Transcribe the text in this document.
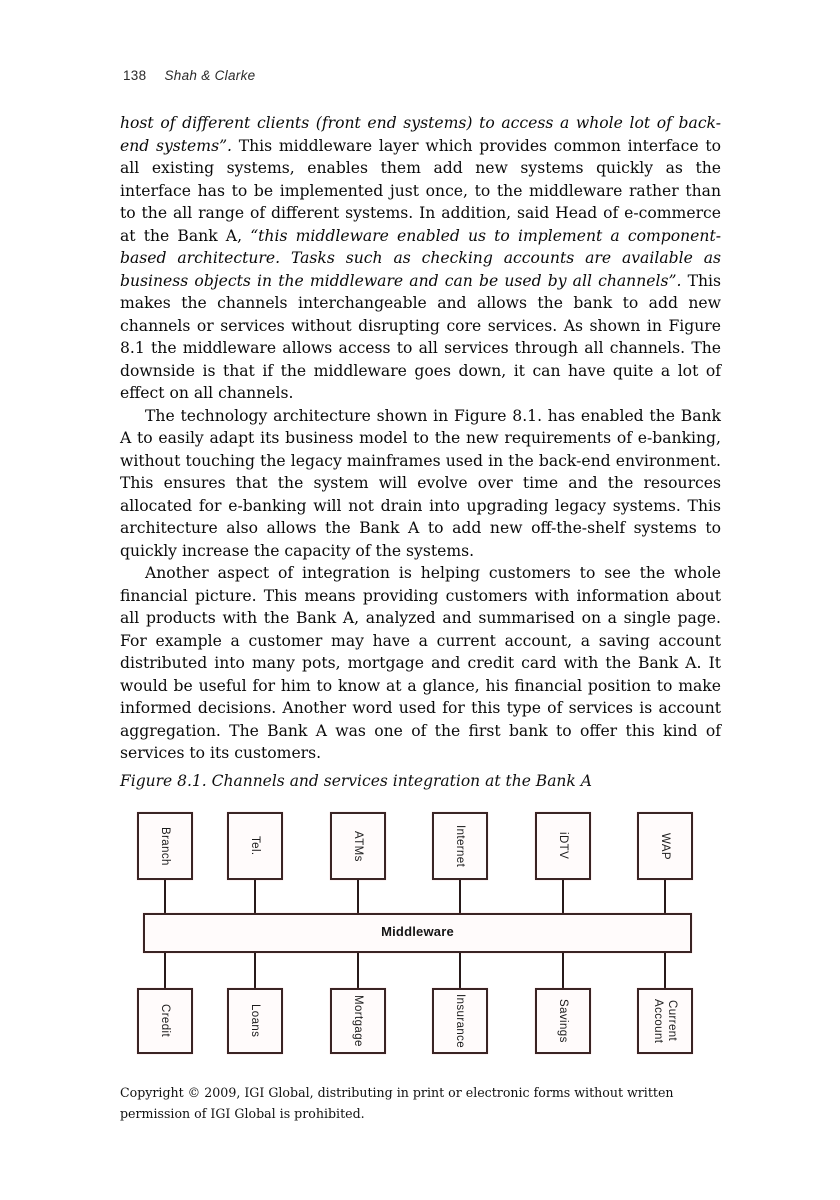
138 Shah & Clarke

host of different clients (front end systems) to access a whole lot of back-end systems”. This middleware layer which provides common interface to all existing systems, enables them add new systems quickly as the interface has to be implemented just once, to the middleware rather than to the all range of different systems. In addition, said Head of e-commerce at the Bank A, “this middleware enabled us to implement a component-based architecture. Tasks such as checking accounts are available as business objects in the middleware and can be used by all channels”. This makes the channels interchangeable and allows the bank to add new channels or services without disrupting core services. As shown in Figure 8.1 the middleware allows access to all services through all channels. The downside is that if the middleware goes down, it can have quite a lot of effect on all channels.

The technology architecture shown in Figure 8.1. has enabled the Bank A to easily adapt its business model to the new requirements of e-banking, without touching the legacy mainframes used in the back-end environment. This ensures that the system will evolve over time and the resources allocated for e-banking will not drain into upgrading legacy systems. This architecture also allows the Bank A to add new off-the-shelf systems to quickly increase the capacity of the systems.

Another aspect of integration is helping customers to see the whole financial picture. This means providing customers with information about all products with the Bank A, analyzed and summarised on a single page. For example a customer may have a current account, a saving account distributed into many pots, mortgage and credit card with the Bank A. It would be useful for him to know at a glance, his financial position to make informed decisions. Another word used for this type of services is account aggregation. The Bank A was one of the first bank to offer this kind of services to its customers.

Figure 8.1. Channels and services integration at the Bank A
Branch	Tel.	ATMs	Internet	iDTV	WAP
Middleware
Credit	Loans	Mortgage	Insurance	Savings	Current Account
Copyright © 2009, IGI Global, distributing in print or electronic forms without written permission of IGI Global is prohibited.
